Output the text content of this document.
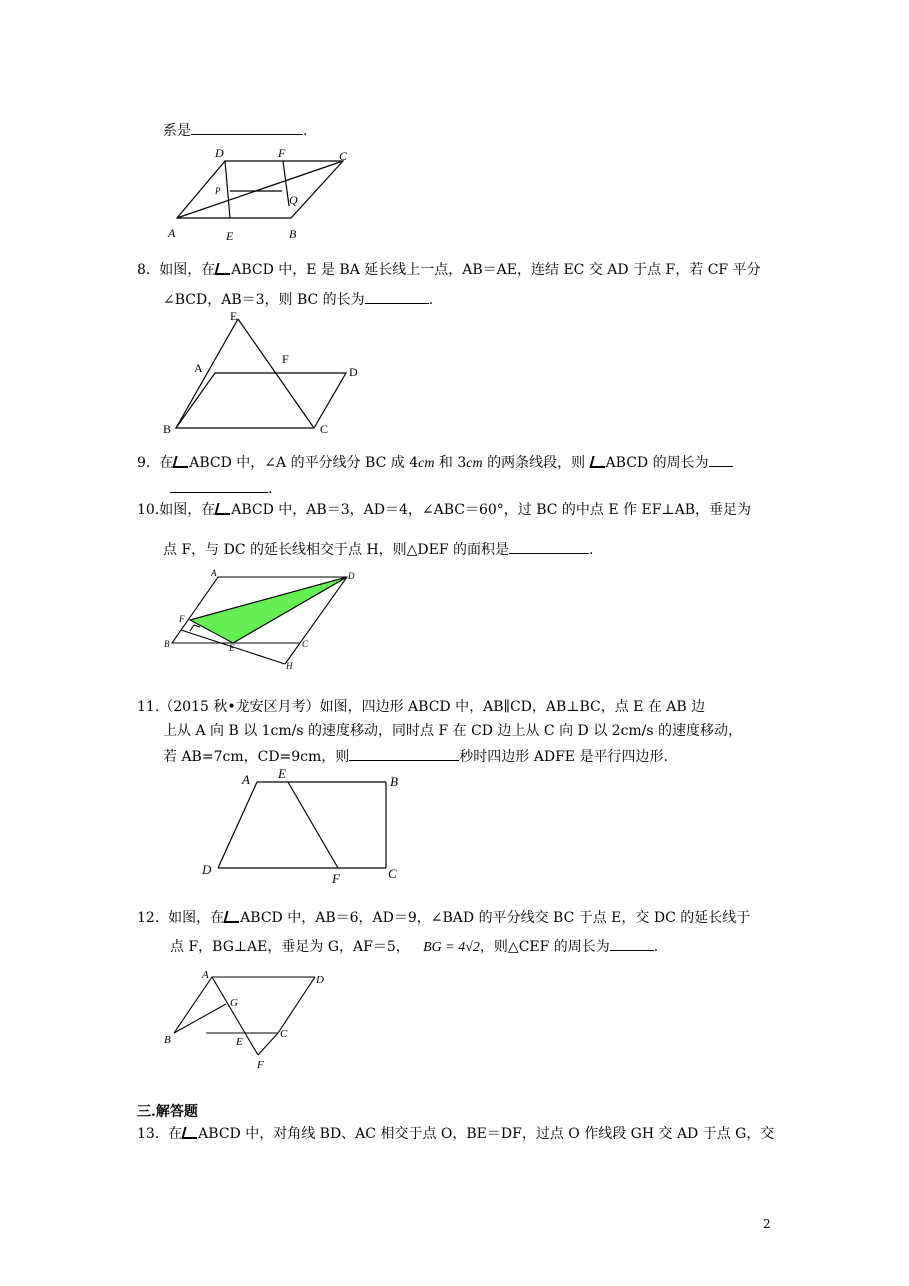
系是	.
D	F	C
P
Q
A	E	B
8. 如图，在 ABCD 中，E 是 BA 延长线上一点，AB＝AE，连结 EC 交 AD 于点 F，若 CF 平分
∠BCD，AB＝3，则 BC 的长为	.
E
A
F
D
B	C
9. 在 ABCD 中，∠A 的平分线分 BC 成 4cm 和 3cm 的两条线段，则 ABCD 的周长为
.
10.如图，在 ABCD 中，AB＝3，AD＝4，∠ABC＝60°，过 BC 的中点 E 作 EF⊥AB，垂足为
点 F，与 DC 的延长线相交于点 H，则△DEF 的面积是	.
A	D
F
B	E	C
H
11.（2015 秋•龙安区月考）如图，四边形 ABCD 中，AB∥CD，AB⊥BC，点 E 在 AB 边
上从 A 向 B 以 1cm/s 的速度移动，同时点 F 在 CD 边上从 C 向 D 以 2cm/s 的速度移动，
若 AB=7cm，CD=9cm，则	秒时四边形 ADFE 是平行四边形.
A E
B
D
F	C
12. 如图，在 ABCD 中，AB＝6，AD＝9，∠BAD 的平分线交 BC 于点 E，交 DC 的延长线于
点 F，BG⊥AE，垂足为 G，AF＝5， BG = 4√2，则△CEF 的周长为	.
A	D
G
B	E
C
F
三.解答题
13. 在 ABCD 中，对角线 BD、AC 相交于点 O，BE＝DF，过点 O 作线段 GH 交 AD 于点 G，交
2
